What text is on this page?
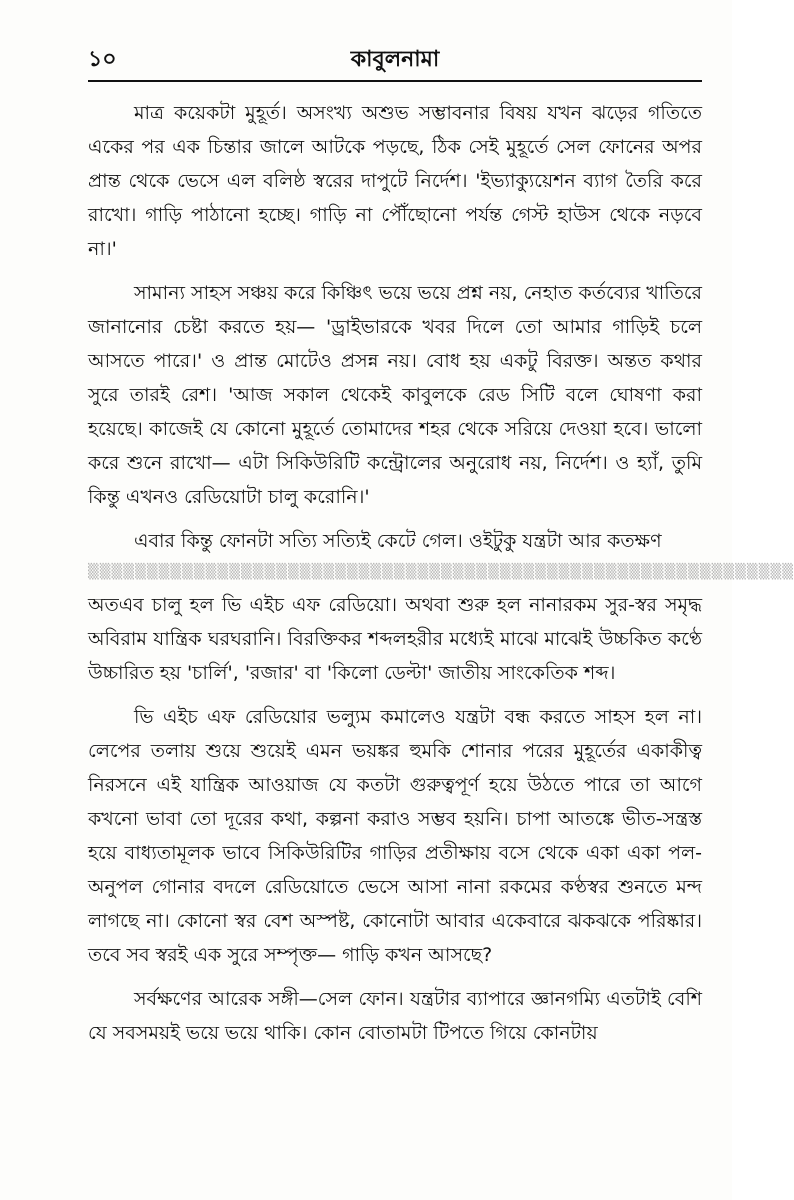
১০	কাবুলনামা

মাত্র কয়েকটা মুহূর্ত। অসংখ্য অশুভ সম্ভাবনার বিষয় যখন ঝড়ের গতিতে একের পর এক চিন্তার জালে আটকে পড়ছে, ঠিক সেই মুহূর্তে সেল ফোনের অপর প্রান্ত থেকে ভেসে এল বলিষ্ঠ স্বরের দাপুটে নির্দেশ। 'ইভ্যাক্যুয়েশন ব্যাগ তৈরি করে রাখো। গাড়ি পাঠানো হচ্ছে। গাড়ি না পৌঁছোনো পর্যন্ত গেস্ট হাউস থেকে নড়বে না।'

সামান্য সাহস সঞ্চয় করে কিঞ্চিৎ ভয়ে ভয়ে প্রশ্ন নয়, নেহাত কর্তব্যের খাতিরে জানানোর চেষ্টা করতে হয়— 'ড্রাইভারকে খবর দিলে তো আমার গাড়িই চলে আসতে পারে।' ও প্রান্ত মোটেও প্রসন্ন নয়। বোধ হয় একটু বিরক্ত। অন্তত কথার সুরে তারই রেশ। 'আজ সকাল থেকেই কাবুলকে রেড সিটি বলে ঘোষণা করা হয়েছে। কাজেই যে কোনো মুহূর্তে তোমাদের শহর থেকে সরিয়ে দেওয়া হবে। ভালো করে শুনে রাখো— এটা সিকিউরিটি কন্ট্রোলের অনুরোধ নয়, নির্দেশ। ও হ্যাঁ, তুমি কিন্তু এখনও রেডিয়োটা চালু করোনি।'

এবার কিন্তু ফোনটা সত্যি সত্যিই কেটে গেল। ওইটুকু যন্ত্রটা আর কতক্ষণ

▒▒▒▒▒▒▒▒▒▒▒▒▒▒▒▒▒▒▒▒▒▒▒▒▒▒▒▒▒▒▒▒▒▒▒▒▒▒▒▒▒▒▒▒▒▒▒▒▒▒▒▒▒▒▒▒▒▒▒▒

অতএব চালু হল ভি এইচ এফ রেডিয়ো। অথবা শুরু হল নানারকম সুর-স্বর সমৃদ্ধ অবিরাম যান্ত্রিক ঘরঘরানি। বিরক্তিকর শব্দলহরীর মধ্যেই মাঝে মাঝেই উচ্চকিত কণ্ঠে উচ্চারিত হয় 'চার্লি', 'রজার' বা 'কিলো ডেল্টা' জাতীয় সাংকেতিক শব্দ।

ভি এইচ এফ রেডিয়োর ভল্যুম কমালেও যন্ত্রটা বন্ধ করতে সাহস হল না। লেপের তলায় শুয়ে শুয়েই এমন ভয়ঙ্কর হুমকি শোনার পরের মুহূর্তের একাকীত্ব নিরসনে এই যান্ত্রিক আওয়াজ যে কতটা গুরুত্বপূর্ণ হয়ে উঠতে পারে তা আগে কখনো ভাবা তো দূরের কথা, কল্পনা করাও সম্ভব হয়নি। চাপা আতঙ্কে ভীত-সন্ত্রস্ত হয়ে বাধ্যতামূলক ভাবে সিকিউরিটির গাড়ির প্রতীক্ষায় বসে থেকে একা একা পল-অনুপল গোনার বদলে রেডিয়োতে ভেসে আসা নানা রকমের কণ্ঠস্বর শুনতে মন্দ লাগছে না। কোনো স্বর বেশ অস্পষ্ট, কোনোটা আবার একেবারে ঝকঝকে পরিষ্কার। তবে সব স্বরই এক সুরে সম্পৃক্ত— গাড়ি কখন আসছে?

সর্বক্ষণের আরেক সঙ্গী—সেল ফোন। যন্ত্রটার ব্যাপারে জ্ঞানগম্যি এতটাই বেশি যে সবসময়ই ভয়ে ভয়ে থাকি। কোন বোতামটা টিপতে গিয়ে কোনটায়
